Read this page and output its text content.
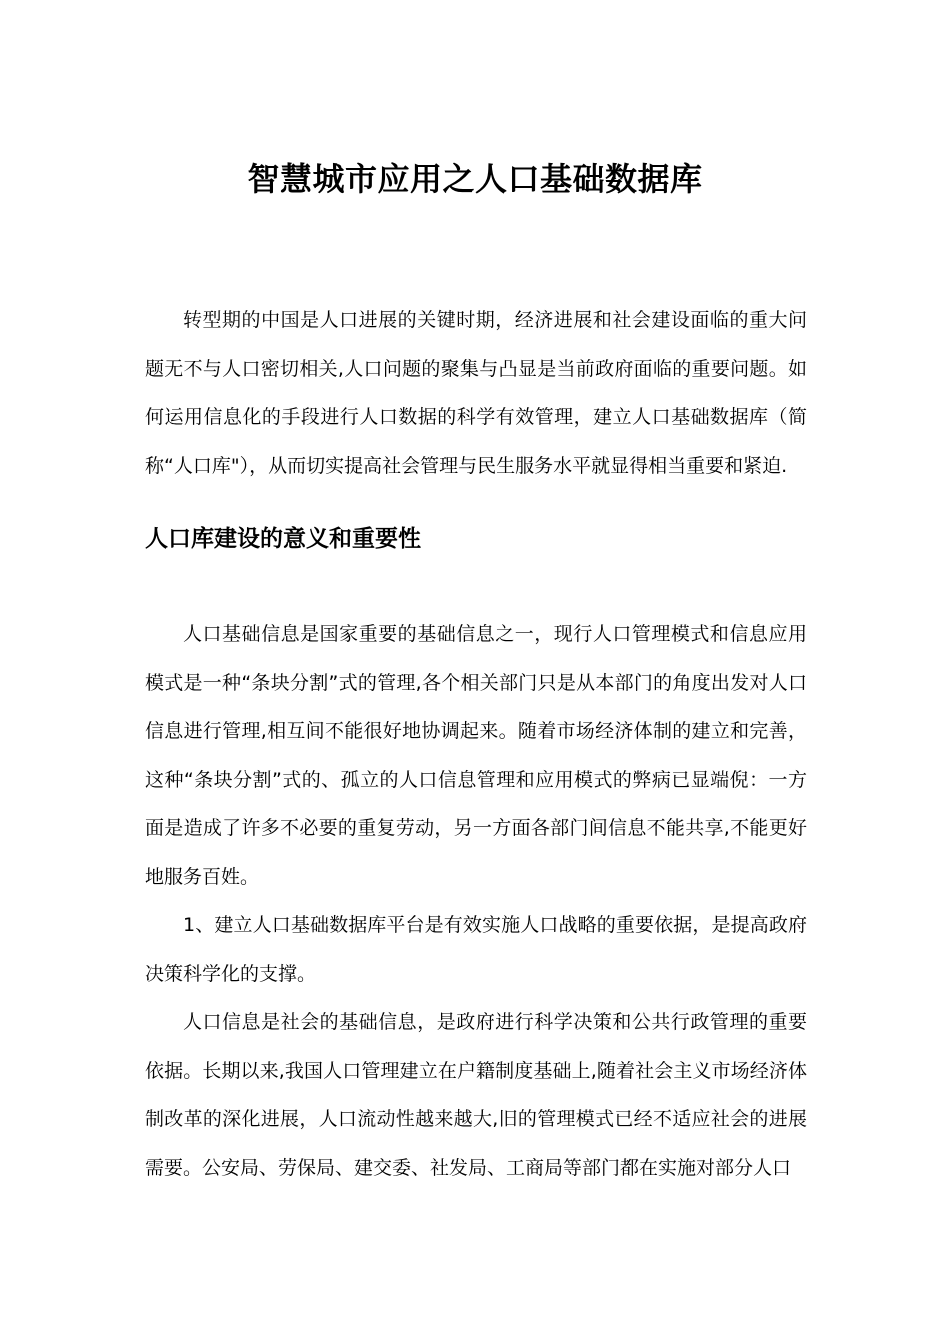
智慧城市应用之人口基础数据库

转型期的中国是人口进展的关键时期，经济进展和社会建设面临的重大问题无不与人口密切相关,人口问题的聚集与凸显是当前政府面临的重要问题。如何运用信息化的手段进行人口数据的科学有效管理，建立人口基础数据库（简称“人口库"），从而切实提高社会管理与民生服务水平就显得相当重要和紧迫.

人口库建设的意义和重要性

人口基础信息是国家重要的基础信息之一，现行人口管理模式和信息应用模式是一种“条块分割”式的管理,各个相关部门只是从本部门的角度出发对人口信息进行管理,相互间不能很好地协调起来。随着市场经济体制的建立和完善，这种“条块分割”式的、孤立的人口信息管理和应用模式的弊病已显端倪：一方面是造成了许多不必要的重复劳动，另一方面各部门间信息不能共享,不能更好地服务百姓。

1、建立人口基础数据库平台是有效实施人口战略的重要依据，是提高政府决策科学化的支撑。

人口信息是社会的基础信息，是政府进行科学决策和公共行政管理的重要依据。长期以来,我国人口管理建立在户籍制度基础上,随着社会主义市场经济体制改革的深化进展，人口流动性越来越大,旧的管理模式已经不适应社会的进展需要。公安局、劳保局、建交委、社发局、工商局等部门都在实施对部分人口
